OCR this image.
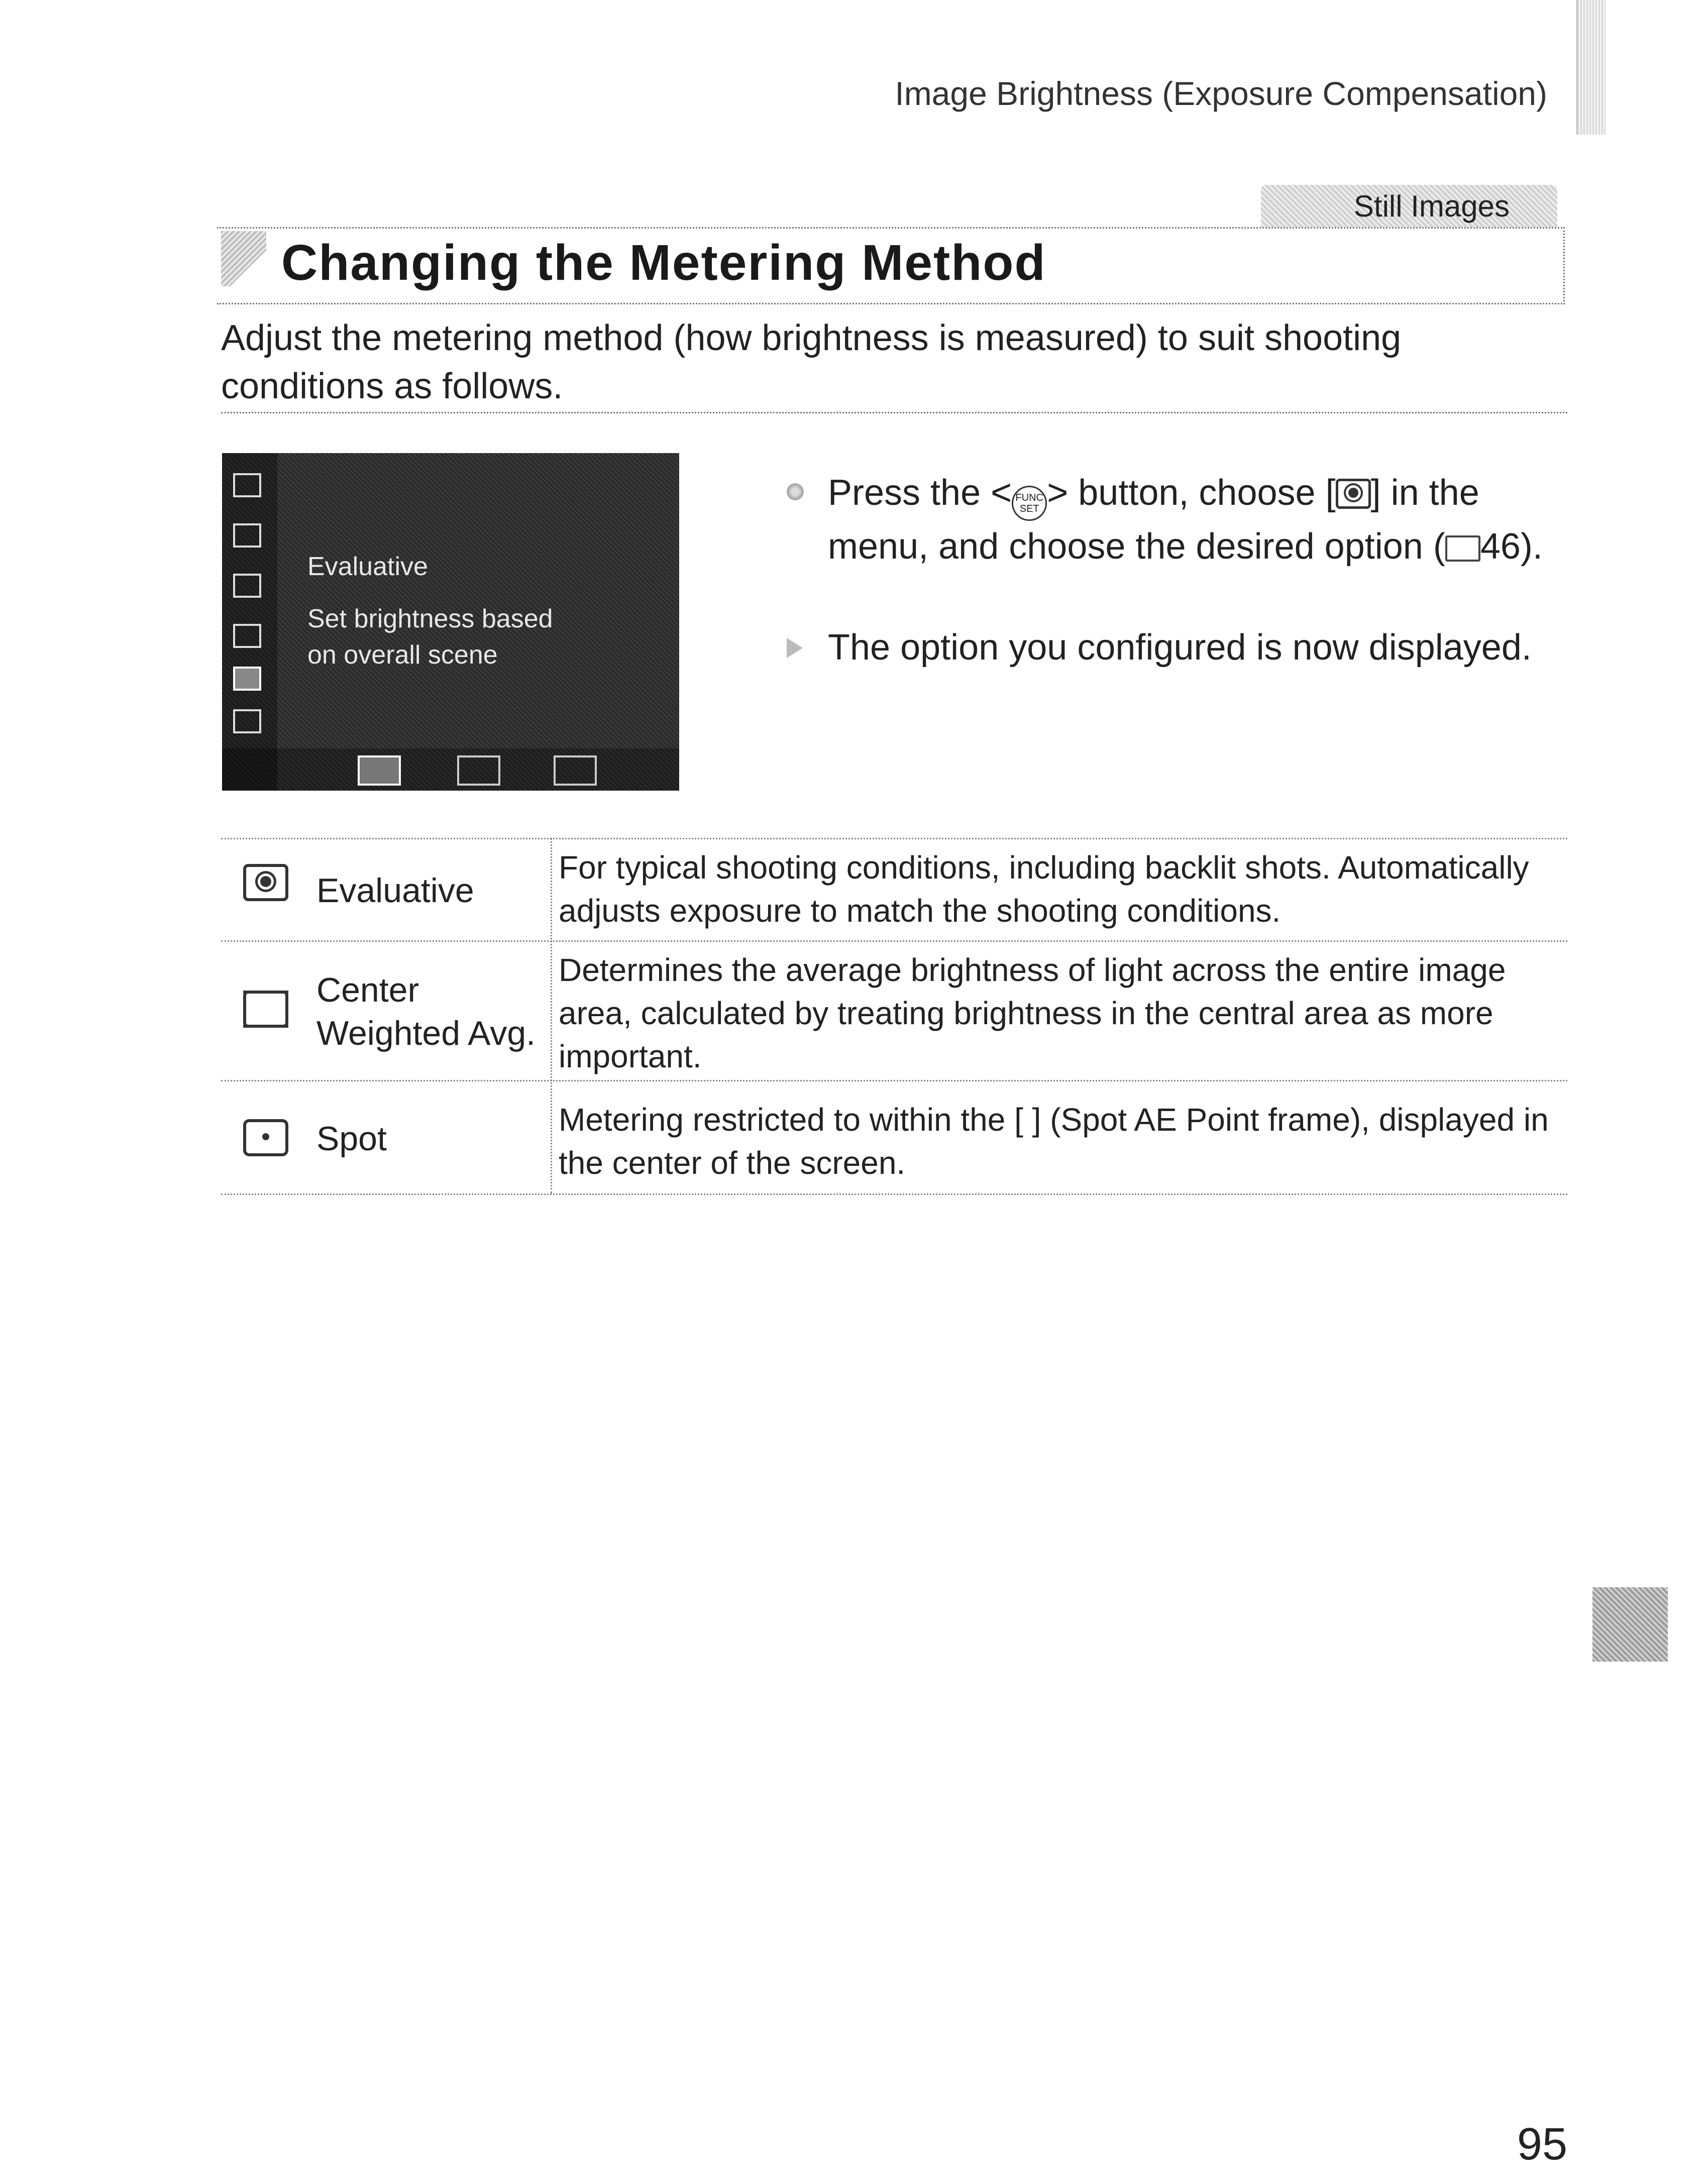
Image Brightness (Exposure Compensation)
Still Images
Changing the Metering Method
Adjust the metering method (how brightness is measured) to suit shooting conditions as follows.
Evaluative
Set brightness based
on overall scene
Press the < FUNC SET > button, choose [ ] in the menu, and choose the desired option ( 46).
The option you configured is now displayed.
Evaluative
For typical shooting conditions, including backlit shots. Automatically adjusts exposure to match the shooting conditions.
Center Weighted Avg.
Determines the average brightness of light across the entire image area, calculated by treating brightness in the central area as more important.
Spot	Metering restricted to within the [ ] (Spot AE Point frame), displayed in the center of the screen.
95
